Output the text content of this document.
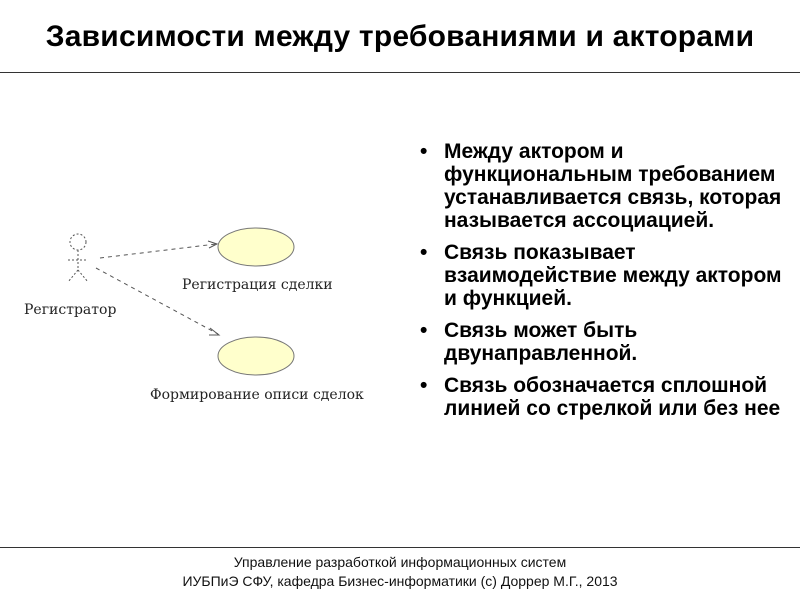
Зависимости между требованиями и акторами
Регистратор
Регистрация сделки
Формирование описи сделок
• Между актором и функциональным требованием устанавливается связь, которая называется ассоциацией.
• Связь показывает взаимодействие между актором и функцией.
• Связь может быть двунаправленной.
• Связь обозначается сплошной линией со стрелкой или без нее
Управление разработкой информационных систем
ИУБПиЭ СФУ, кафедра Бизнес-информатики (с) Доррер М.Г., 2013
